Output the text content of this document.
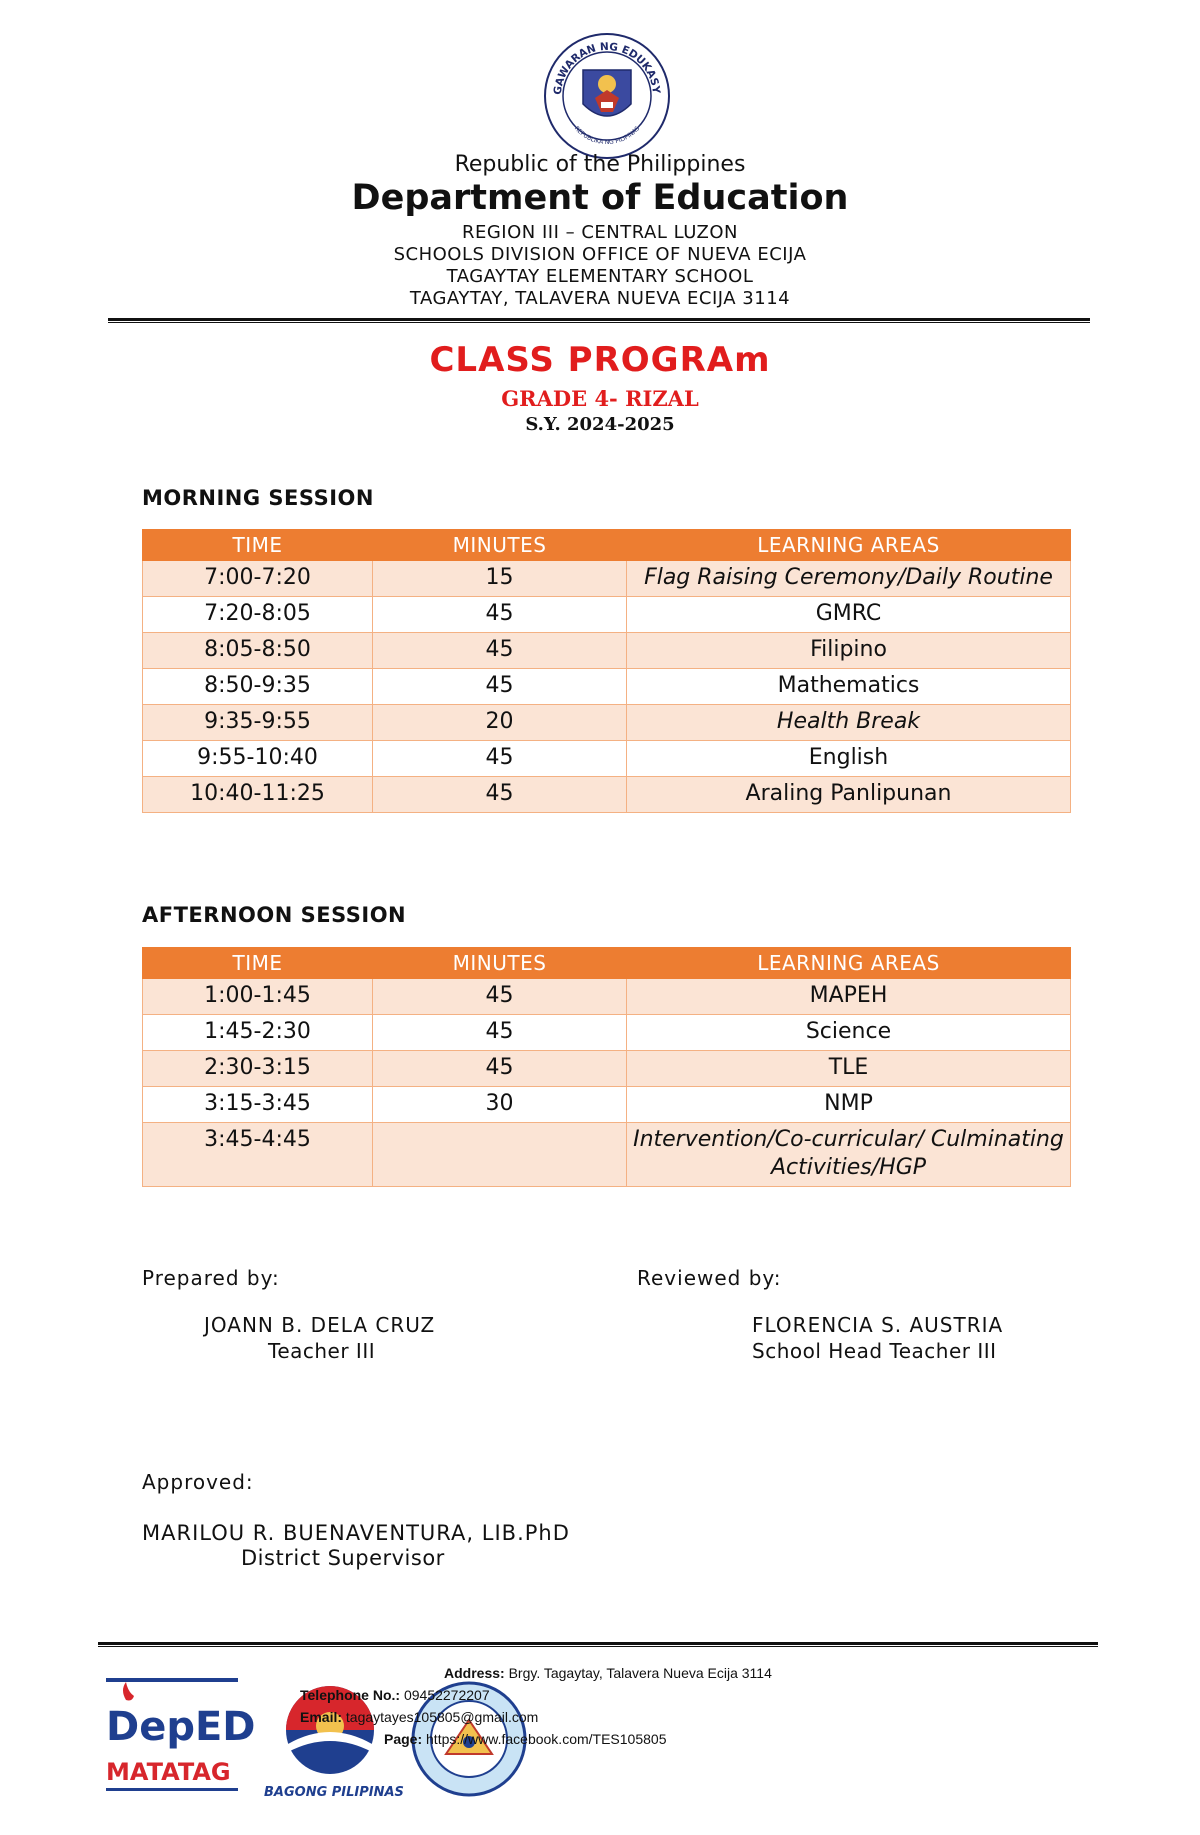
GAWARAN NG EDUKASY
REPUBLIKA NG PILIPINAS
Republic of the Philippines
Department of Education
REGION III – CENTRAL LUZON
SCHOOLS DIVISION OFFICE OF NUEVA ECIJA
TAGAYTAY ELEMENTARY SCHOOL
TAGAYTAY, TALAVERA NUEVA ECIJA 3114
CLASS PROGRAm
GRADE 4- RIZAL
S.Y. 2024-2025
MORNING SESSION
TIME	MINUTES	LEARNING AREAS
7:00-7:20	15	Flag Raising Ceremony/Daily Routine
7:20-8:05	45	GMRC
8:05-8:50	45	Filipino
8:50-9:35	45	Mathematics
9:35-9:55	20	Health Break
9:55-10:40	45	English
10:40-11:25	45	Araling Panlipunan
AFTERNOON SESSION
TIME	MINUTES	LEARNING AREAS
1:00-1:45	45	MAPEH
1:45-2:30	45	Science
2:30-3:15	45	TLE
3:15-3:45	30	NMP
3:45-4:45		Intervention/Co-curricular/ Culminating Activities/HGP
Prepared by:
JOANN B. DELA CRUZ
Teacher III
Reviewed by:
FLORENCIA S. AUSTRIA
School Head Teacher III
Approved:
MARILOU R. BUENAVENTURA, LIB.PhD
District Supervisor
DepED
MATATAG
BAGONG PILIPINAS
Address: Brgy. Tagaytay, Talavera Nueva Ecija 3114
Telephone No.: 09452272207
Email: tagaytayes105805@gmail.com
Page: https://www.facebook.com/TES105805
